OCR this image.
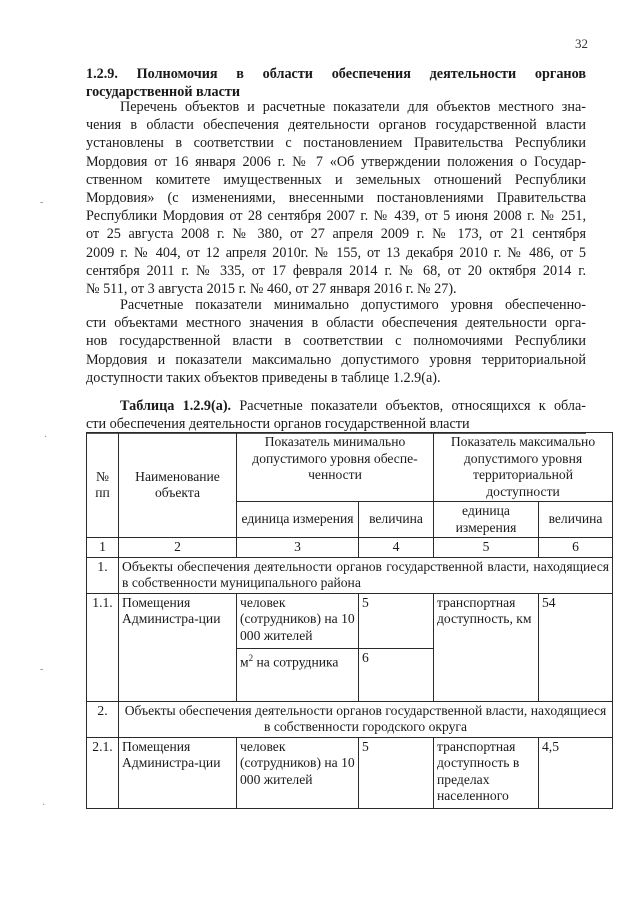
32
1.2.9. Полномочия в области обеспечения деятельности органов государственной власти

Перечень объектов и расчетные показатели для объектов местного зна-
чения в области обеспечения деятельности органов государственной власти
установлены в соответствии с постановлением Правительства Республики
Мордовия от 16 января 2006 г. № 7 «Об утверждении положения о Государ-
ственном комитете имущественных и земельных отношений Республики
Мордовия» (с изменениями, внесенными постановлениями Правительства
Республики Мордовия от 28 сентября 2007 г. № 439, от 5 июня 2008 г. № 251,
от 25 августа 2008 г. № 380, от 27 апреля 2009 г. № 173, от 21 сентября
2009 г. № 404, от 12 апреля 2010г. № 155, от 13 декабря 2010 г. № 486, от 5
сентября 2011 г. № 335, от 17 февраля 2014 г. № 68, от 20 октября 2014 г.
№ 511, от 3 августа 2015 г. № 460, от 27 января 2016 г. № 27).

Расчетные показатели минимально допустимого уровня обеспеченно-
сти объектами местного значения в области обеспечения деятельности орга-
нов государственной власти в соответствии с полномочиями Республики
Мордовия и показатели максимально допустимого уровня территориальной
доступности таких объектов приведены в таблице 1.2.9(а).

Таблица 1.2.9(а). Расчетные показатели объектов, относящихся к обла-
сти обеспечения деятельности органов государственной власти
№ пп	Наименование объекта	Показатель минимально допустимого уровня обеспе-ченности		Показатель максимально допустимого уровня территориальной доступности	
		единица измерения	величина	единица измерения	величина
1	2	3	4	5	6
1.	Объекты обеспечения деятельности органов государственной власти, находящиеся в собственности муниципального района				
1.1.	Помещения Администра-ции	человек (сотрудников) на 10 000 жителей	5	транспортная доступность, км	54
		$м^2$ на сотрудника	6		
2.	Объекты обеспечения деятельности органов государственной власти, находящиеся в собственности городского округа				
2.1.	Помещения Администра-ции	человек (сотрудников) на 10 000 жителей	5	транспортная доступность в пределах населенного	4,5
-
·
-
·
